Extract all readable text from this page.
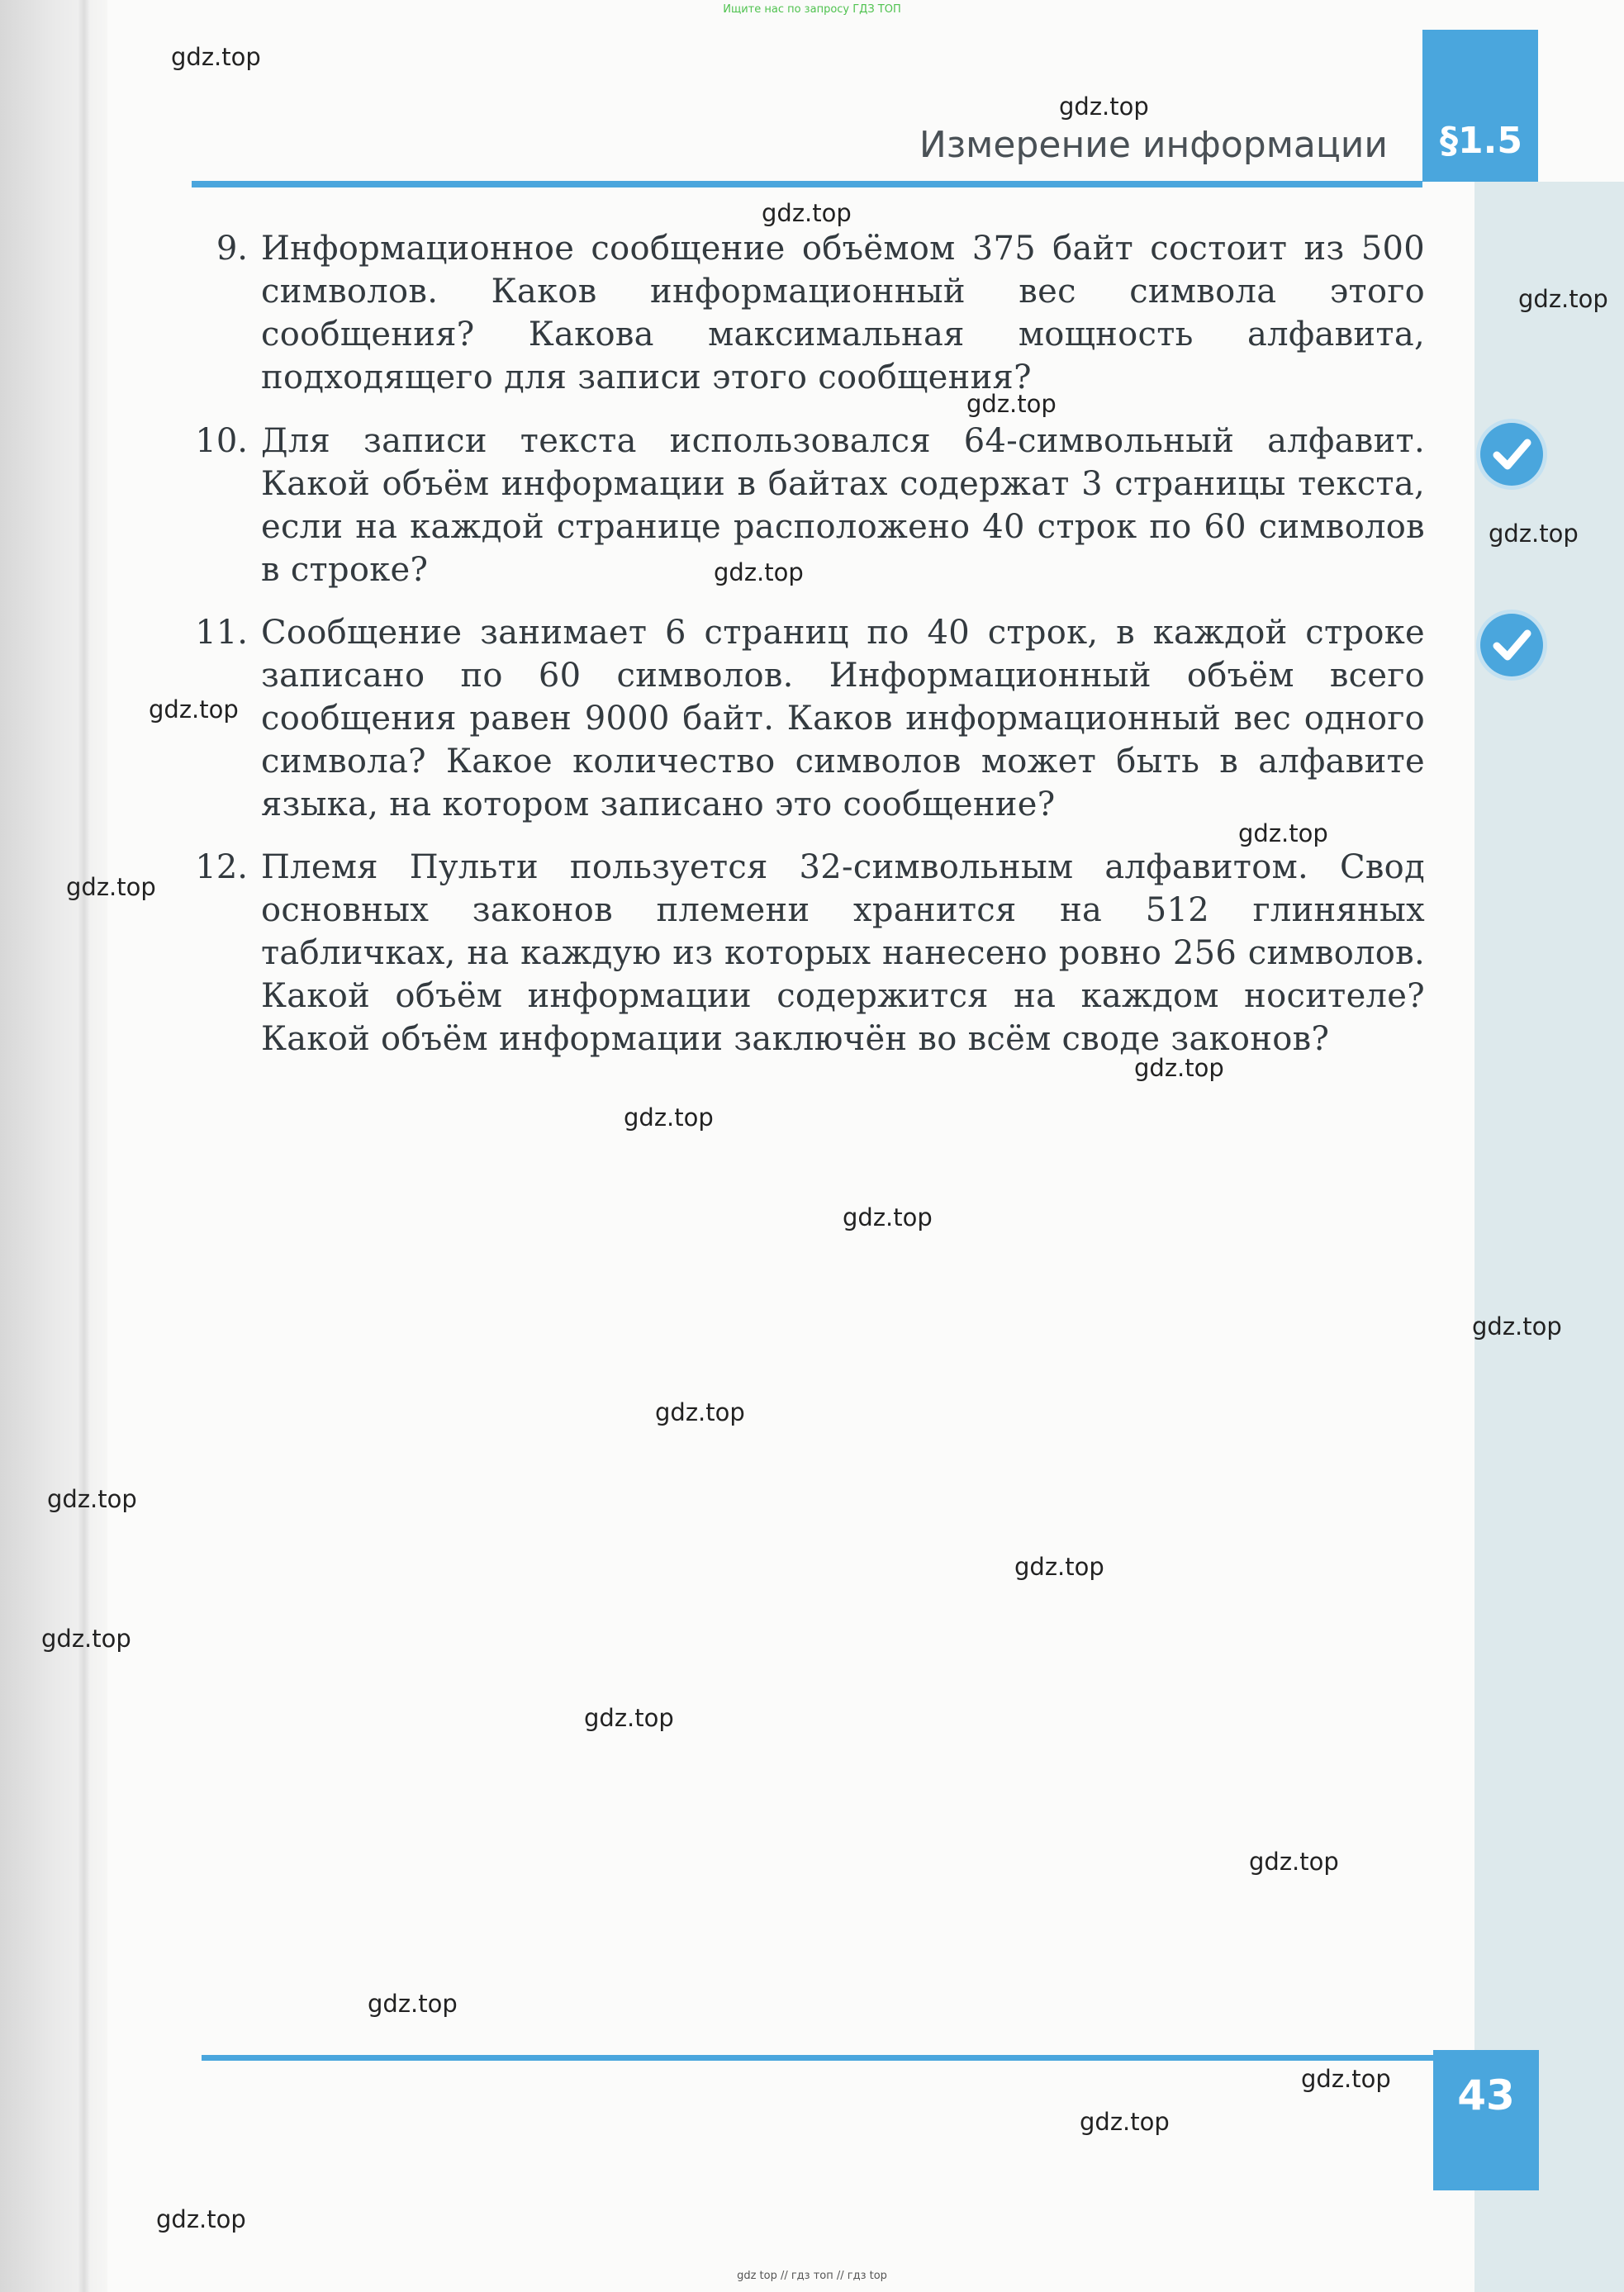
Ищите нас по запросу ГДЗ ТОП
Измерение информации	§1.5
9. Информационное сообщение объёмом 375 байт состоит из 500 символов. Каков информационный вес символа этого сообщения? Какова максимальная мощность алфавита, подходящего для записи этого сообщения?
10. Для записи текста использовался 64-символьный алфавит. Какой объём информации в байтах содержат 3 страницы текста, если на каждой странице расположено 40 строк по 60 символов в строке?
11. Сообщение занимает 6 страниц по 40 строк, в каждой строке записано по 60 символов. Информационный объём всего сообщения равен 9000 байт. Каков информационный вес одного символа? Какое количество символов может быть в алфавите языка, на котором записано это сообщение?
12. Племя Пульти пользуется 32-символьным алфавитом. Свод основных законов племени хранится на 512 глиняных табличках, на каждую из которых нанесено ровно 256 символов. Какой объём информации содержится на каждом носителе? Какой объём информации заключён во всём своде законов?
43
gdz top // гдз топ // гдз top
gdz.top
gdz.top
gdz.top
gdz.top
gdz.top
gdz.top
gdz.top
gdz.top
gdz.top
gdz.top
gdz.top
gdz.top
gdz.top
gdz.top
gdz.top
gdz.top
gdz.top
gdz.top
gdz.top
gdz.top
gdz.top
gdz.top
gdz.top
gdz.top
